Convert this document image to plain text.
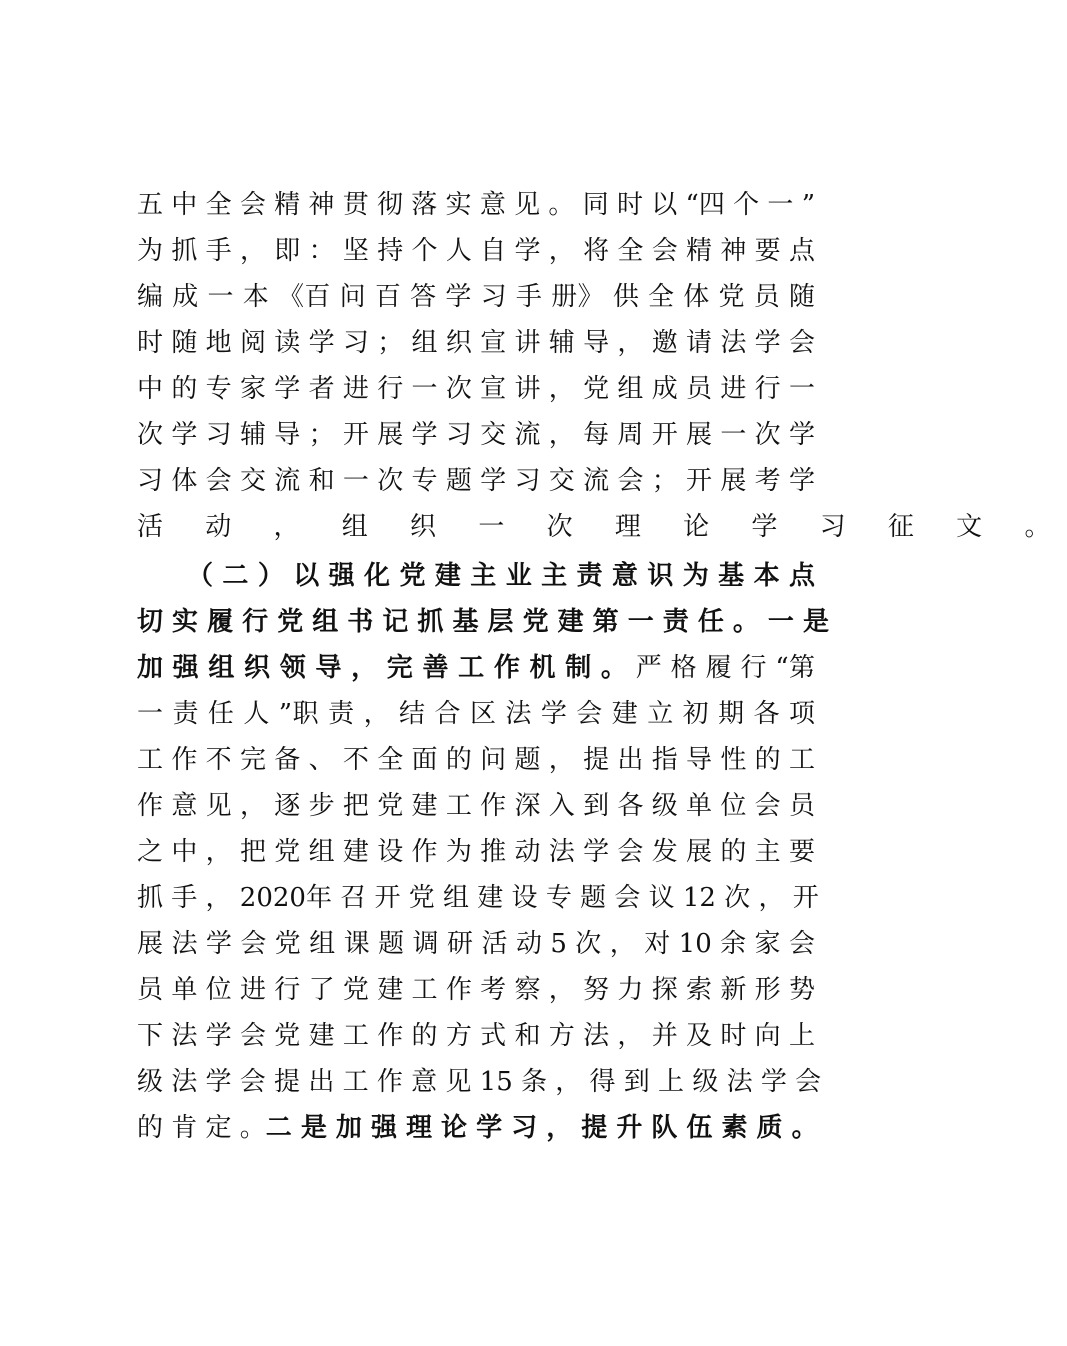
五 中 全 会 精 神 贯 彻 落 实 意 见 。 同 时 以 “四 个 一 ”
为 抓 手 ， 即 ： 坚 持 个 人 自 学 ， 将 全 会 精 神 要 点
编 成 一 本 《百 问 百 答 学 习 手 册》 供 全 体 党 员 随
时 随 地 阅 读 学 习 ； 组 织 宣 讲 辅 导 ， 邀 请 法 学 会
中 的 专 家 学 者 进 行 一 次 宣 讲 ， 党 组 成 员 进 行 一
次 学 习 辅 导 ； 开 展 学 习 交 流 ， 每 周 开 展 一 次 学
习 体 会 交 流 和 一 次 专 题 学 习 交 流 会 ； 开 展 考 学
活 动 ， 组 织 一 次 理 论 学 习 征 文 。
（ 二 ） 以 强 化 党 建 主 业 主 责 意 识 为 基 本 点
切 实 履 行 党 组 书 记 抓 基 层 党 建 第 一 责 任 。 一 是
加 强 组 织 领 导 ， 完 善 工 作 机 制 。 严 格 履 行 “第
一 责 任 人 ”职 责 ， 结 合 区 法 学 会 建 立 初 期 各 项
工 作 不 完 备 、 不 全 面 的 问 题 ， 提 出 指 导 性 的 工
作 意 见 ， 逐 步 把 党 建 工 作 深 入 到 各 级 单 位 会 员
之 中 ， 把 党 组 建 设 作 为 推 动 法 学 会 发 展 的 主 要
抓 手 ， 2020年 召 开 党 组 建 设 专 题 会 议 12 次 ， 开
展 法 学 会 党 组 课 题 调 研 活 动 5 次 ， 对 10 余 家 会
员 单 位 进 行 了 党 建 工 作 考 察 ， 努 力 探 索 新 形 势
下 法 学 会 党 建 工 作 的 方 式 和 方 法 ， 并 及 时 向 上
级 法 学 会 提 出 工 作 意 见 15 条 ， 得 到 上 级 法 学 会
的 肯 定 。二 是 加 强 理 论 学 习 ， 提 升 队 伍 素 质 。
